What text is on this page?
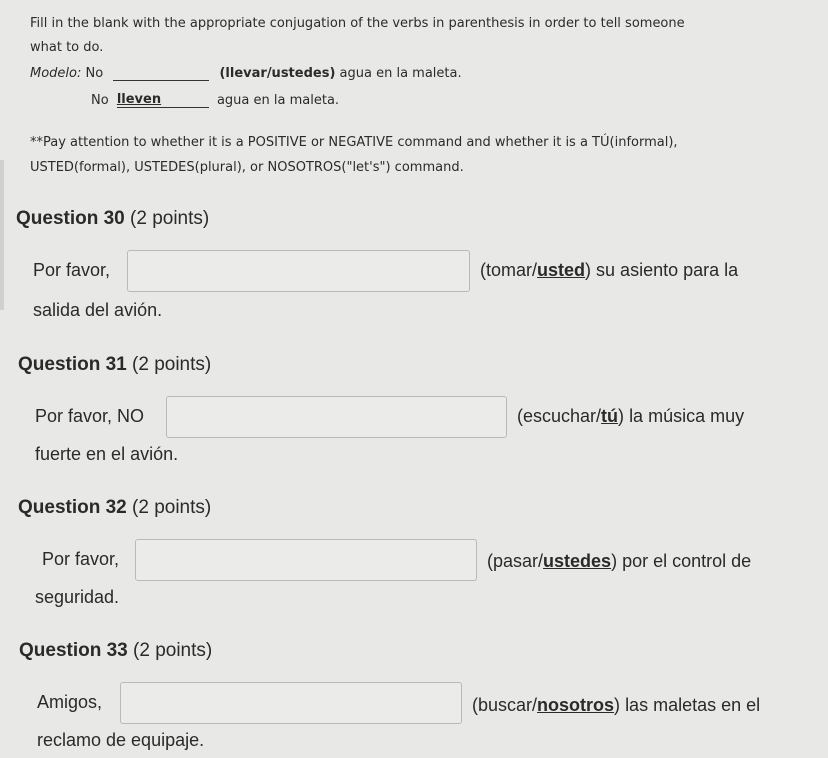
Fill in the blank with the appropriate conjugation of the verbs in parenthesis in order to tell someone
what to do.
Modelo: No	(llevar/ustedes) agua en la maleta.
No lleven	agua en la maleta.
**Pay attention to whether it is a POSITIVE or NEGATIVE command and whether it is a TÚ(informal),
USTED(formal), USTEDES(plural), or NOSOTROS("let's") command.
Question 30 (2 points)
Por favor,	(tomar/usted) su asiento para la
salida del avión.
Question 31 (2 points)
Por favor, NO	(escuchar/tú) la música muy
fuerte en el avión.
Question 32 (2 points)
Por favor,	(pasar/ustedes) por el control de
seguridad.
Question 33 (2 points)
Amigos,	(buscar/nosotros) las maletas en el
reclamo de equipaje.
